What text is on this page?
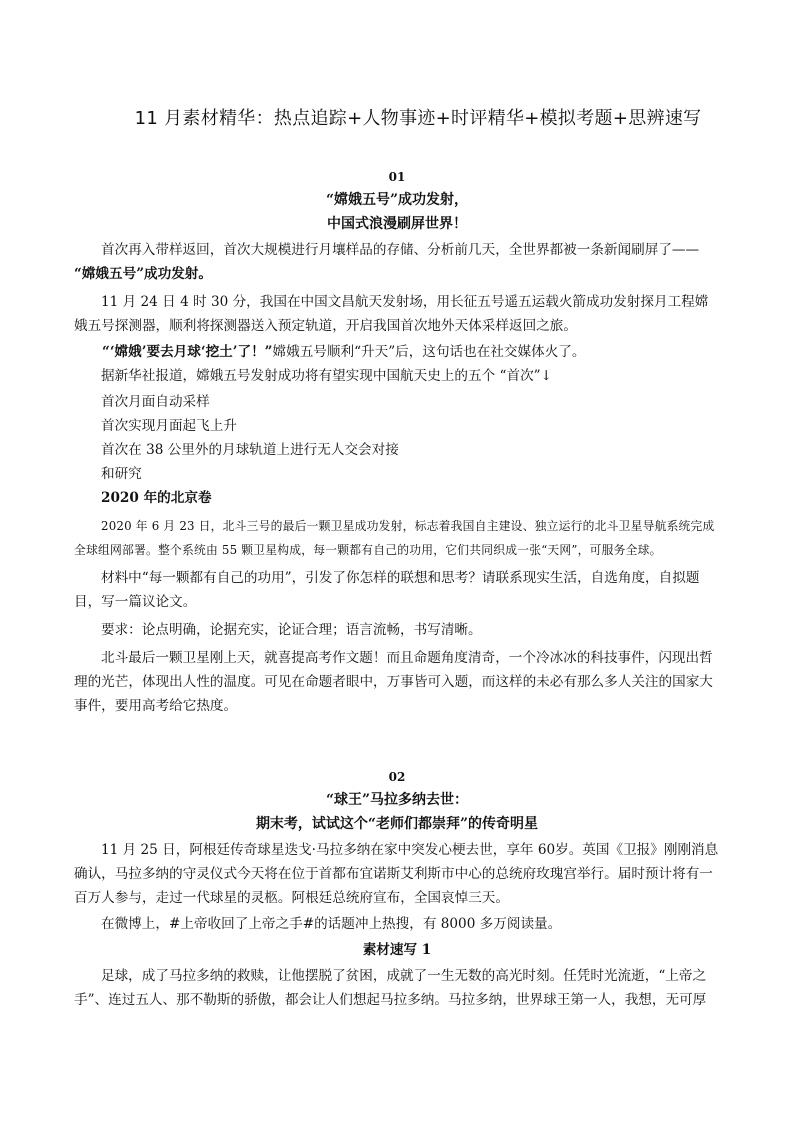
11 月素材精华：热点追踪+人物事迹+时评精华+模拟考题+思辨速写
01

“嫦娥五号”成功发射，

中国式浪漫刷屏世界！

首次再入带样返回，首次大规模进行月壤样品的存储、分析前几天，全世界都被一条新闻刷屏了——

“嫦娥五号”成功发射。

11 月 24 日 4 时 30 分，我国在中国文昌航天发射场，用长征五号遥五运载火箭成功发射探月工程嫦娥五号探测器，顺利将探测器送入预定轨道，开启我国首次地外天体采样返回之旅。

“‘嫦娥’要去月球‘挖土’了！”嫦娥五号顺利“升天”后，这句话也在社交媒体火了。

据新华社报道，嫦娥五号发射成功将有望实现中国航天史上的五个 “首次”↓

首次月面自动采样

首次实现月面起飞上升

首次在 38 公里外的月球轨道上进行无人交会对接

和研究

2020 年的北京卷

2020 年 6 月 23 日，北斗三号的最后一颗卫星成功发射，标志着我国自主建设、独立运行的北斗卫星导航系统完成全球组网部署。整个系统由 55 颗卫星构成，每一颗都有自己的功用，它们共同织成一张“天网”，可服务全球。

材料中“每一颗都有自己的功用”，引发了你怎样的联想和思考？请联系现实生活，自选角度，自拟题目，写一篇议论文。

要求：论点明确，论据充实，论证合理；语言流畅，书写清晰。

北斗最后一颗卫星刚上天，就喜提高考作文题！而且命题角度清奇，一个冷冰冰的科技事件，闪现出哲理的光芒，体现出人性的温度。可见在命题者眼中，万事皆可入题，而这样的未必有那么多人关注的国家大事件，要用高考给它热度。

02

“球王”马拉多纳去世：

期末考，试试这个“老师们都崇拜”的传奇明星

11 月 25 日，阿根廷传奇球星迭戈·马拉多纳在家中突发心梗去世，享年 60岁。英国《卫报》刚刚消息确认，马拉多纳的守灵仪式今天将在位于首都布宜诺斯艾利斯市中心的总统府玫瑰宫举行。届时预计将有一百万人参与，走过一代球星的灵柩。阿根廷总统府宣布，全国哀悼三天。

在微博上，#上帝收回了上帝之手#的话题冲上热搜，有 8000 多万阅读量。

素材速写 1

足球，成了马拉多纳的救赎，让他摆脱了贫困，成就了一生无数的高光时刻。任凭时光流逝，“上帝之手”、连过五人、那不勒斯的骄傲，都会让人们想起马拉多纳。马拉多纳，世界球王第一人，我想，无可厚
